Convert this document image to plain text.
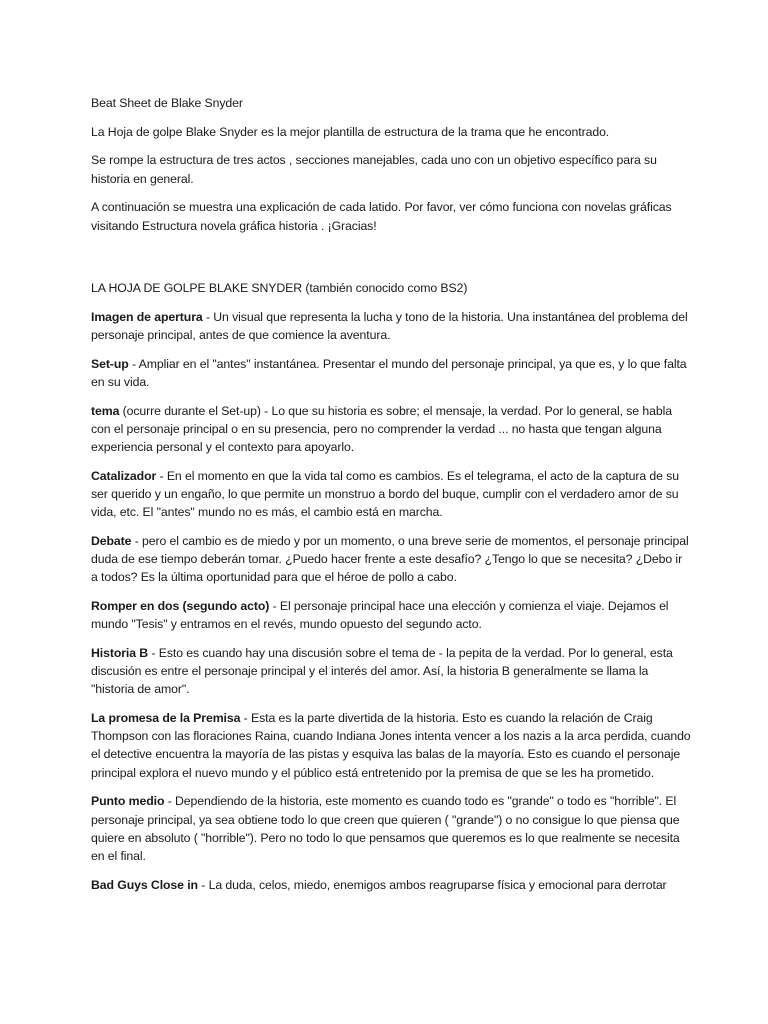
Beat Sheet de Blake Snyder

La Hoja de golpe Blake Snyder es la mejor plantilla de estructura de la trama que he encontrado.

Se rompe la estructura de tres actos , secciones manejables, cada uno con un objetivo específico para su historia en general.

A continuación se muestra una explicación de cada latido. Por favor, ver cómo funciona con novelas gráficas visitando Estructura novela gráfica historia . ¡Gracias!

LA HOJA DE GOLPE BLAKE SNYDER (también conocido como BS2)

Imagen de apertura - Un visual que representa la lucha y tono de la historia. Una instantánea del problema del personaje principal, antes de que comience la aventura.

Set-up - Ampliar en el "antes" instantánea. Presentar el mundo del personaje principal, ya que es, y lo que falta en su vida.

tema (ocurre durante el Set-up) - Lo que su historia es sobre; el mensaje, la verdad. Por lo general, se habla con el personaje principal o en su presencia, pero no comprender la verdad ... no hasta que tengan alguna experiencia personal y el contexto para apoyarlo.

Catalizador - En el momento en que la vida tal como es cambios. Es el telegrama, el acto de la captura de su ser querido y un engaño, lo que permite un monstruo a bordo del buque, cumplir con el verdadero amor de su vida, etc. El "antes" mundo no es más, el cambio está en marcha.

Debate - pero el cambio es de miedo y por un momento, o una breve serie de momentos, el personaje principal duda de ese tiempo deberán tomar. ¿Puedo hacer frente a este desafío? ¿Tengo lo que se necesita? ¿Debo ir a todos? Es la última oportunidad para que el héroe de pollo a cabo.

Romper en dos (segundo acto) - El personaje principal hace una elección y comienza el viaje. Dejamos el mundo "Tesis" y entramos en el revés, mundo opuesto del segundo acto.

Historia B - Esto es cuando hay una discusión sobre el tema de - la pepita de la verdad. Por lo general, esta discusión es entre el personaje principal y el interés del amor. Así, la historia B generalmente se llama la "historia de amor".

La promesa de la Premisa - Esta es la parte divertida de la historia. Esto es cuando la relación de Craig Thompson con las floraciones Raina, cuando Indiana Jones intenta vencer a los nazis a la arca perdida, cuando el detective encuentra la mayoría de las pistas y esquiva las balas de la mayoría. Esto es cuando el personaje principal explora el nuevo mundo y el público está entretenido por la premisa de que se les ha prometido.

Punto medio - Dependiendo de la historia, este momento es cuando todo es "grande" o todo es "horrible". El personaje principal, ya sea obtiene todo lo que creen que quieren ( "grande") o no consigue lo que piensa que quiere en absoluto ( "horrible"). Pero no todo lo que pensamos que queremos es lo que realmente se necesita en el final.

Bad Guys Close in - La duda, celos, miedo, enemigos ambos reagruparse física y emocional para derrotar
